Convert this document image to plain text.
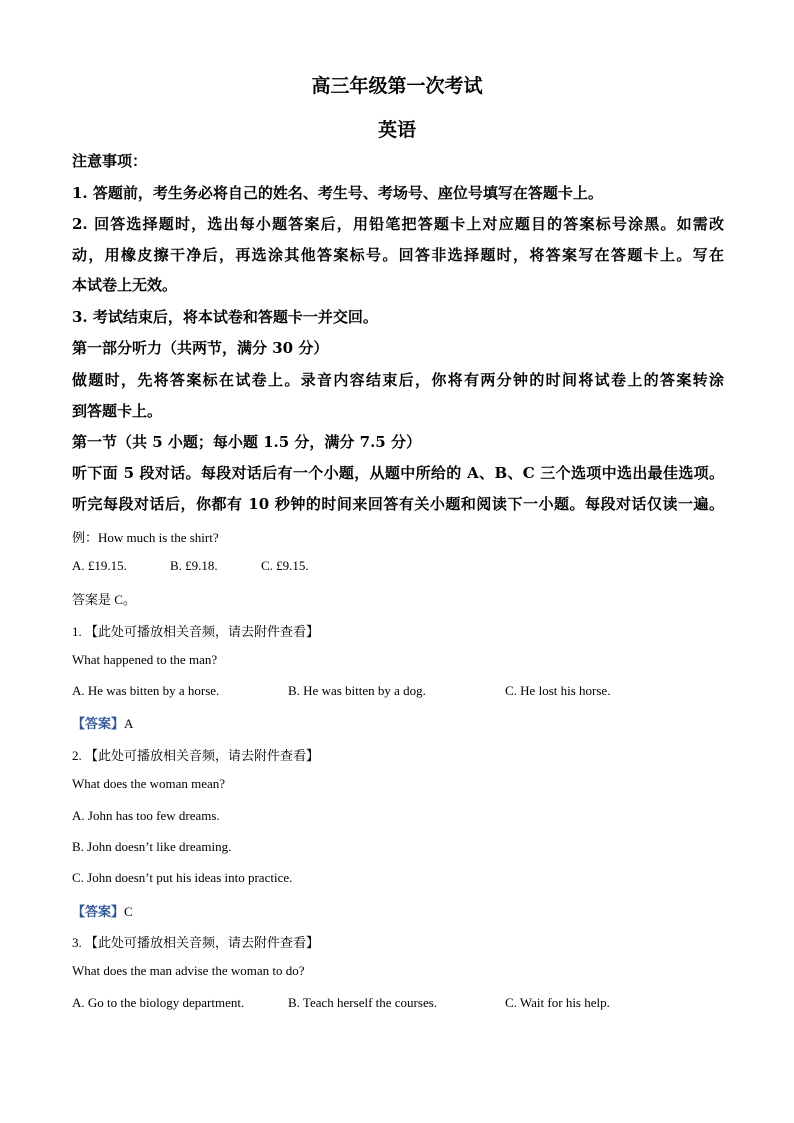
高三年级第一次考试
英语
注意事项：
1. 答题前，考生务必将自己的姓名、考生号、考场号、座位号填写在答题卡上。
2. 回答选择题时，选出每小题答案后，用铅笔把答题卡上对应题目的答案标号涂黑。如需改
动，用橡皮擦干净后，再选涂其他答案标号。回答非选择题时，将答案写在答题卡上。写在
本试卷上无效。
3. 考试结束后，将本试卷和答题卡一并交回。
第一部分听力（共两节，满分 30 分）
做题时，先将答案标在试卷上。录音内容结束后，你将有两分钟的时间将试卷上的答案转涂
到答题卡上。
第一节（共 5 小题；每小题 1.5 分，满分 7.5 分）
听下面 5 段对话。每段对话后有一个小题，从题中所给的 A、B、C 三个选项中选出最佳选项。
听完每段对话后，你都有 10 秒钟的时间来回答有关小题和阅读下一小题。每段对话仅读一遍。
例：How much is the shirt?
A. £19.15.	B. £9.18.	C. £9.15.
答案是 C。
1. 【此处可播放相关音频，请去附件查看】
What happened to the man?
A. He was bitten by a horse.	B. He was bitten by a dog.	C. He lost his horse.
【答案】A
2. 【此处可播放相关音频，请去附件查看】
What does the woman mean?
A. John has too few dreams.
B. John doesn’t like dreaming.
C. John doesn’t put his ideas into practice.
【答案】C
3. 【此处可播放相关音频，请去附件查看】
What does the man advise the woman to do?
A. Go to the biology department.	B. Teach herself the courses.	C. Wait for his help.
